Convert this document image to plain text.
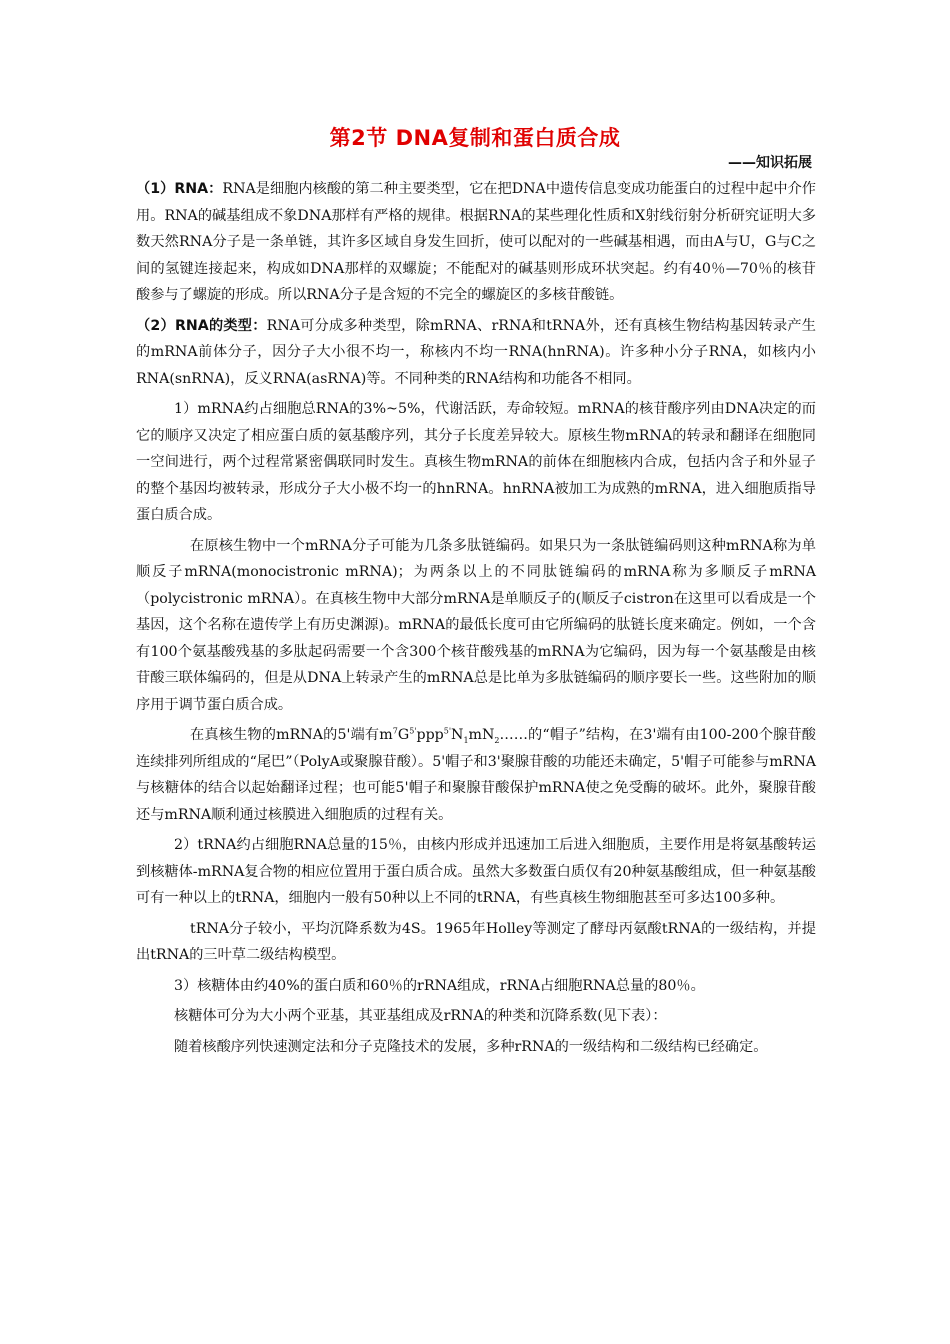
第2节 DNA复制和蛋白质合成
——知识拓展

（1）RNA：RNA是细胞内核酸的第二种主要类型，它在把DNA中遗传信息变成功能蛋白的过程中起中介作用。RNA的碱基组成不象DNA那样有严格的规律。根据RNA的某些理化性质和X射线衍射分析研究证明大多数天然RNA分子是一条单链，其许多区域自身发生回折，使可以配对的一些碱基相遇，而由A与U，G与C之间的氢键连接起来，构成如DNA那样的双螺旋；不能配对的碱基则形成环状突起。约有40％—70％的核苷酸参与了螺旋的形成。所以RNA分子是含短的不完全的螺旋区的多核苷酸链。

（2）RNA的类型：RNA可分成多种类型，除mRNA、rRNA和tRNA外，还有真核生物结构基因转录产生的mRNA前体分子，因分子大小很不均一，称核内不均一RNA(hnRNA)。许多种小分子RNA，如核内小RNA(snRNA)，反义RNA(asRNA)等。不同种类的RNA结构和功能各不相同。

1）mRNA约占细胞总RNA的3%~5%，代谢活跃，寿命较短。mRNA的核苷酸序列由DNA决定的而它的顺序又决定了相应蛋白质的氨基酸序列，其分子长度差异较大。原核生物mRNA的转录和翻译在细胞同一空间进行，两个过程常紧密偶联同时发生。真核生物mRNA的前体在细胞核内合成，包括内含子和外显子的整个基因均被转录，形成分子大小极不均一的hnRNA。hnRNA被加工为成熟的mRNA，进入细胞质指导蛋白质合成。

在原核生物中一个mRNA分子可能为几条多肽链编码。如果只为一条肽链编码则这种mRNA称为单顺反子mRNA(monocistronic mRNA)；为两条以上的不同肽链编码的mRNA称为多顺反子mRNA（polycistronic mRNA）。在真核生物中大部分mRNA是单顺反子的(顺反子cistron在这里可以看成是一个基因，这个名称在遗传学上有历史渊源)。mRNA的最低长度可由它所编码的肽链长度来确定。例如，一个含有100个氨基酸残基的多肽起码需要一个含300个核苷酸残基的mRNA为它编码，因为每一个氨基酸是由核苷酸三联体编码的，但是从DNA上转录产生的mRNA总是比单为多肽链编码的顺序要长一些。这些附加的顺序用于调节蛋白质合成。

在真核生物的mRNA的5'端有$m^7G^{5'}ppp^{5'}N_1mN_2\dots\dots$的“帽子”结构，在3'端有由100-200个腺苷酸连续排列所组成的“尾巴”（PolyA或聚腺苷酸）。5'帽子和3'聚腺苷酸的功能还未确定，5'帽子可能参与mRNA与核糖体的结合以起始翻译过程；也可能5'帽子和聚腺苷酸保护mRNA使之免受酶的破坏。此外，聚腺苷酸还与mRNA顺利通过核膜进入细胞质的过程有关。

2）tRNA约占细胞RNA总量的15％，由核内形成并迅速加工后进入细胞质，主要作用是将氨基酸转运到核糖体-mRNA复合物的相应位置用于蛋白质合成。虽然大多数蛋白质仅有20种氨基酸组成，但一种氨基酸可有一种以上的tRNA，细胞内一般有50种以上不同的tRNA，有些真核生物细胞甚至可多达100多种。

tRNA分子较小，平均沉降系数为4S。1965年Holley等测定了酵母丙氨酸tRNA的一级结构，并提出tRNA的三叶草二级结构模型。

3）核糖体由约40%的蛋白质和60％的rRNA组成，rRNA占细胞RNA总量的80％。

核糖体可分为大小两个亚基，其亚基组成及rRNA的种类和沉降系数(见下表）：

随着核酸序列快速测定法和分子克隆技术的发展，多种rRNA的一级结构和二级结构已经确定。
